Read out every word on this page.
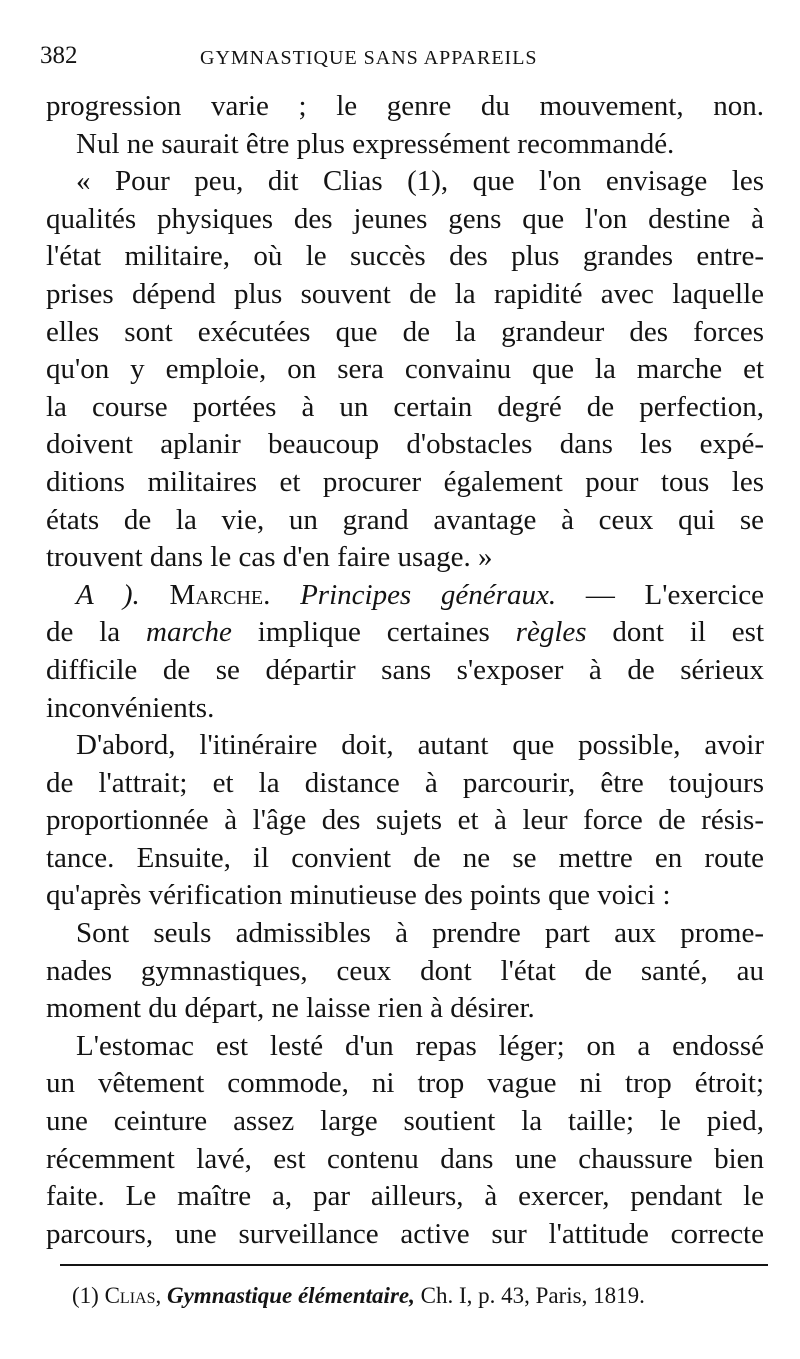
382	GYMNASTIQUE SANS APPAREILS
progression varie ; le genre du mouvement, non.
Nul ne saurait être plus expressément recommandé.
« Pour peu, dit Clias (1), que l'on envisage les
qualités physiques des jeunes gens que l'on destine à
l'état militaire, où le succès des plus grandes entre-
prises dépend plus souvent de la rapidité avec laquelle
elles sont exécutées que de la grandeur des forces
qu'on y emploie, on sera convainu que la marche et
la course portées à un certain degré de perfection,
doivent aplanir beaucoup d'obstacles dans les expé-
ditions militaires et procurer également pour tous les
états de la vie, un grand avantage à ceux qui se
trouvent dans le cas d'en faire usage. »
A ). Marche. Principes généraux. — L'exercice
de la marche implique certaines règles dont il est
difficile de se départir sans s'exposer à de sérieux
inconvénients.
D'abord, l'itinéraire doit, autant que possible, avoir
de l'attrait; et la distance à parcourir, être toujours
proportionnée à l'âge des sujets et à leur force de résis-
tance. Ensuite, il convient de ne se mettre en route
qu'après vérification minutieuse des points que voici :
Sont seuls admissibles à prendre part aux prome-
nades gymnastiques, ceux dont l'état de santé, au
moment du départ, ne laisse rien à désirer.
L'estomac est lesté d'un repas léger; on a endossé
un vêtement commode, ni trop vague ni trop étroit;
une ceinture assez large soutient la taille; le pied,
récemment lavé, est contenu dans une chaussure bien
faite. Le maître a, par ailleurs, à exercer, pendant le
parcours, une surveillance active sur l'attitude correcte
(1) Clias, Gymnastique élémentaire, Ch. I, p. 43, Paris, 1819.
